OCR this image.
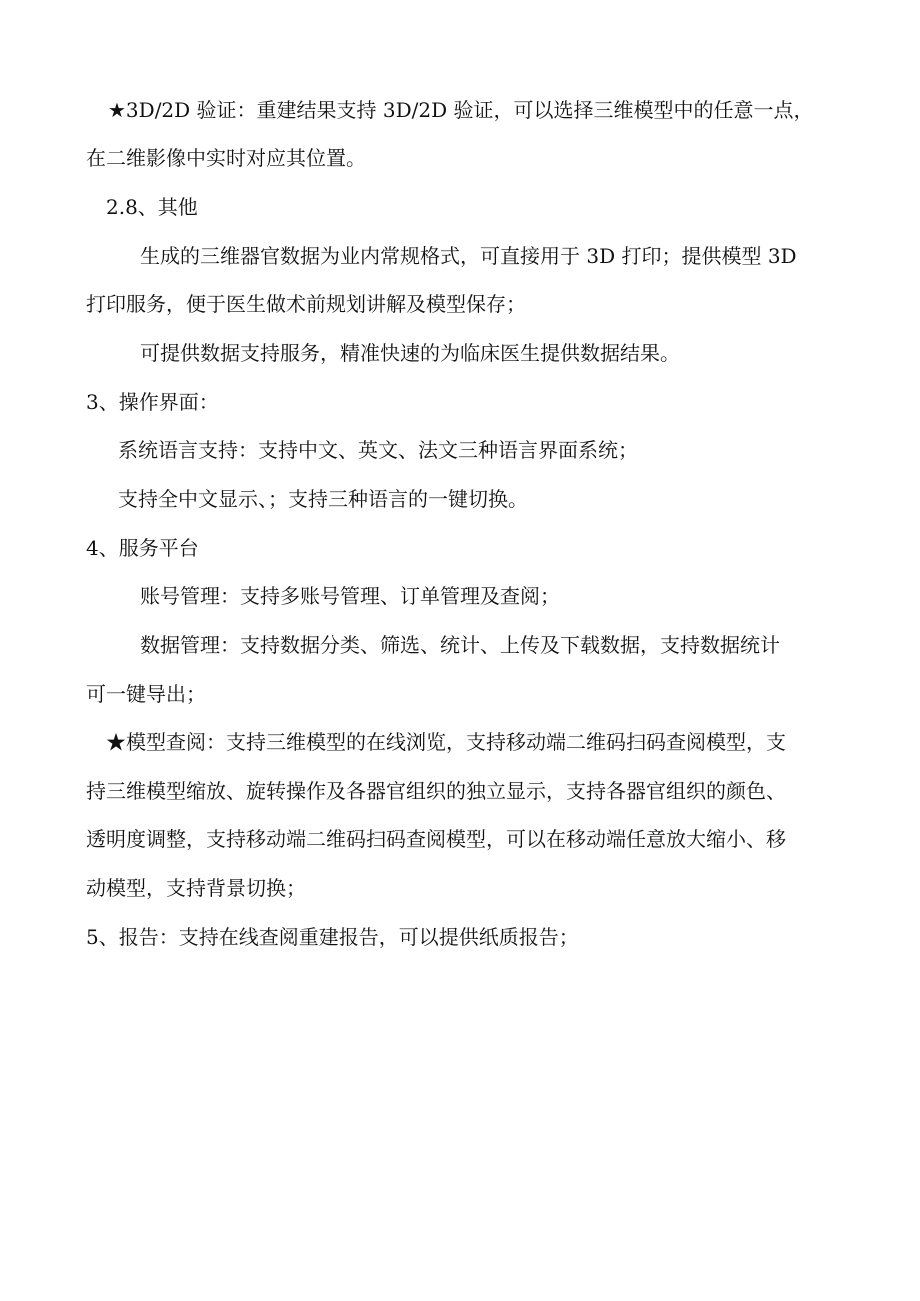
★3D/2D 验证：重建结果支持 3D/2D 验证，可以选择三维模型中的任意一点，
在二维影像中实时对应其位置。
2.8、其他
生成的三维器官数据为业内常规格式，可直接用于 3D 打印；提供模型 3D
打印服务，便于医生做术前规划讲解及模型保存；
可提供数据支持服务，精准快速的为临床医生提供数据结果。
3、操作界面：
系统语言支持：支持中文、英文、法文三种语言界面系统；
支持全中文显示、；支持三种语言的一键切换。
4、服务平台
账号管理：支持多账号管理、订单管理及查阅；
数据管理：支持数据分类、筛选、统计、上传及下载数据，支持数据统计
可一键导出；
★模型查阅：支持三维模型的在线浏览，支持移动端二维码扫码查阅模型，支
持三维模型缩放、旋转操作及各器官组织的独立显示，支持各器官组织的颜色、
透明度调整，支持移动端二维码扫码查阅模型，可以在移动端任意放大缩小、移
动模型，支持背景切换；
5、报告：支持在线查阅重建报告，可以提供纸质报告；
